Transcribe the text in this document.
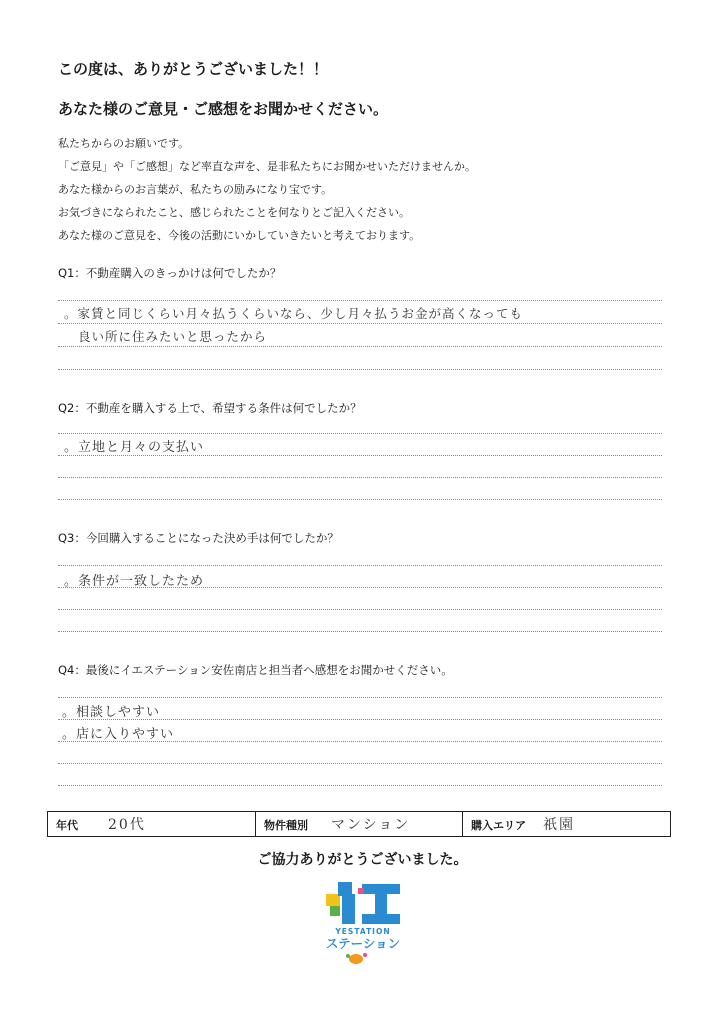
この度は、ありがとうございました！！
あなた様のご意見・ご感想をお聞かせください。
私たちからのお願いです。
「ご意見」や「ご感想」など率直な声を、是非私たちにお聞かせいただけませんか。
あなた様からのお言葉が、私たちの励みになり宝です。
お気づきになられたこと、感じられたことを何なりとご記入ください。
あなた様のご意見を、今後の活動にいかしていきたいと考えております。
Q1：不動産購入のきっかけは何でしたか？
。家賃と同じくらい月々払うくらいなら、少し月々払うお金が高くなっても
良い所に住みたいと思ったから
Q2：不動産を購入する上で、希望する条件は何でしたか？
。立地と月々の支払い
Q3：今回購入することになった決め手は何でしたか？
。条件が一致したため
Q4：最後にイエステーション安佐南店と担当者へ感想をお聞かせください。
。相談しやすい
。店に入りやすい
年代 20代	物件種別 マンション	購入エリア 祇園
ご協力ありがとうございました。
YESTATION
ステーション
